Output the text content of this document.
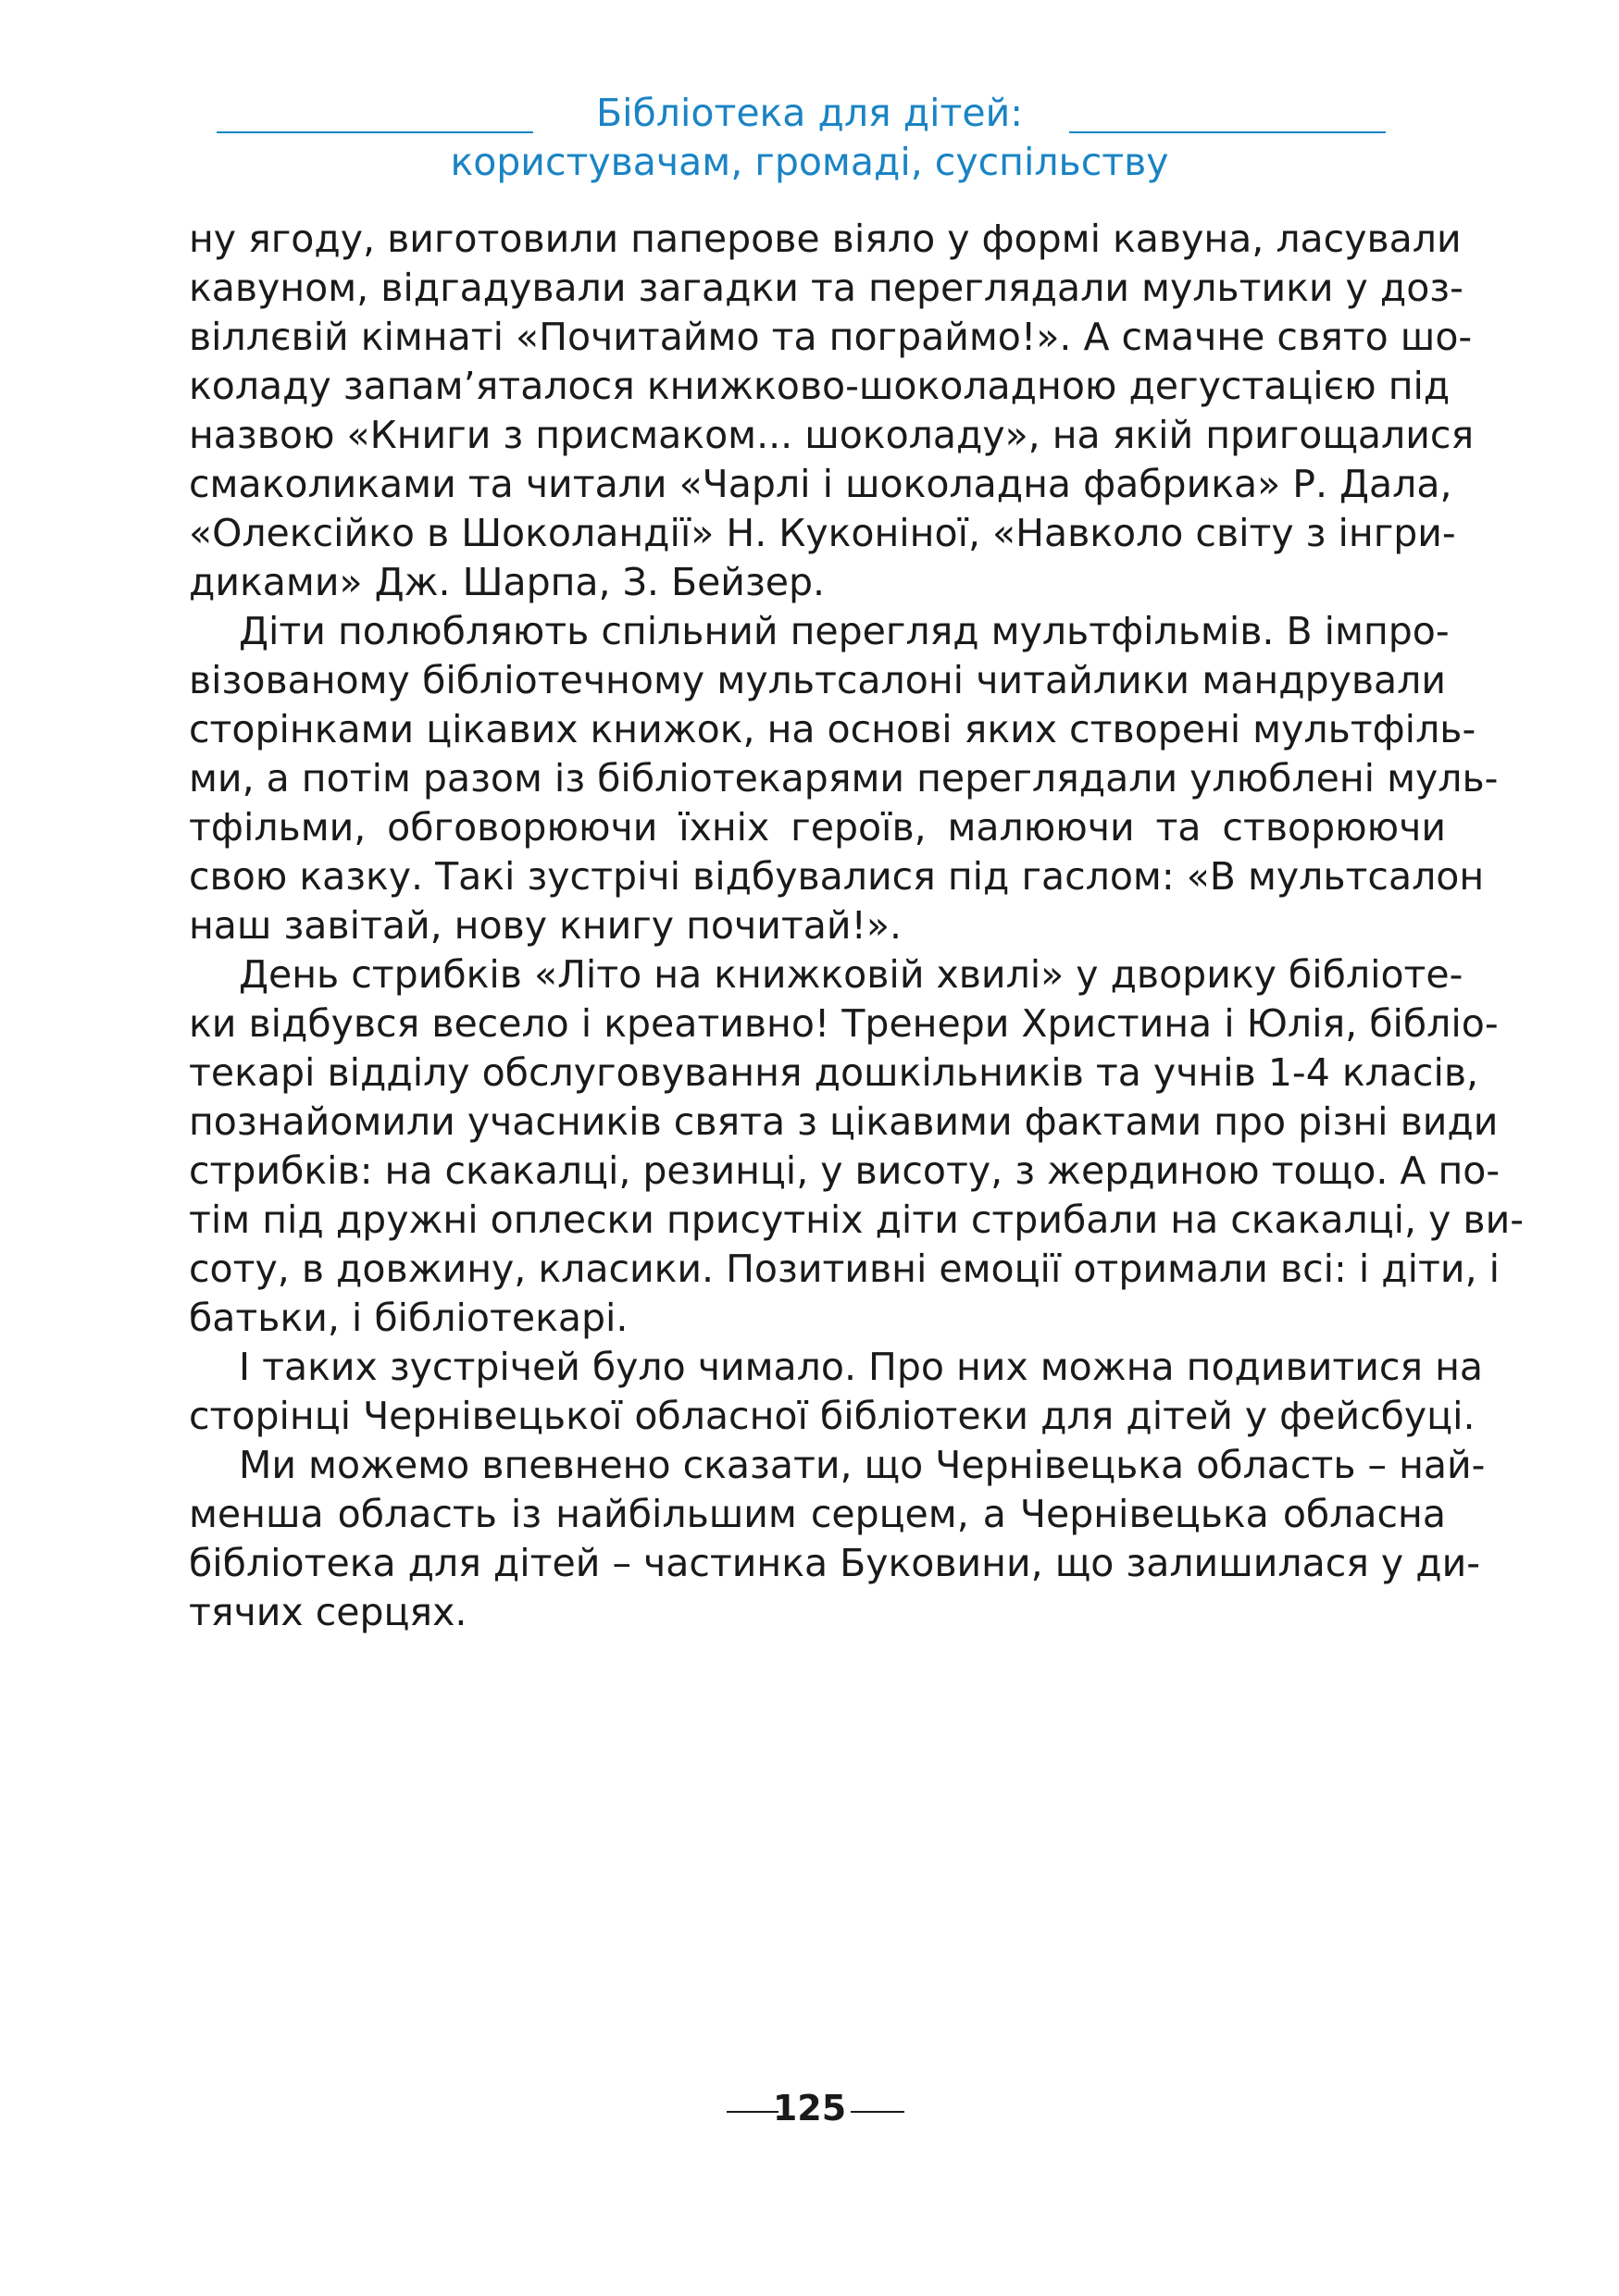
Бібліотека для дітей:
користувачам, громаді, суспільству
ну ягоду, виготовили паперове віяло у формі кавуна, ласували
кавуном, відгадували загадки та переглядали мультики у доз-
віллєвій кімнаті «Почитаймо та пограймо!». А смачне свято шо-
коладу запам’яталося книжково-шоколадною дегустацією під
назвою «Книги з присмаком... шоколаду», на якій пригощалися
смаколиками та читали «Чарлі і шоколадна фабрика» Р. Дала,
«Олексійко в Шоколандії» Н. Куконіної, «Навколо світу з інгри-
диками» Дж. Шарпа, З. Бейзер.
Діти полюбляють спільний перегляд мультфільмів. В імпро-
візованому бібліотечному мультсалоні читайлики мандрували
сторінками цікавих книжок, на основі яких створені мультфіль-
ми, а потім разом із бібліотекарями переглядали улюблені муль-
тфільми, обговорюючи їхніх героїв, малюючи та створюючи
свою казку. Такі зустрічі відбувалися під гаслом: «В мультсалон
наш завітай, нову книгу почитай!».
День стрибків «Літо на книжковій хвилі» у дворику бібліоте-
ки відбувся весело і креативно! Тренери Христина і Юлія, бібліо-
текарі відділу обслуговування дошкільників та учнів 1-4 класів,
познайомили учасників свята з цікавими фактами про різні види
стрибків: на скакалці, резинці, у висоту, з жердиною тощо. А по-
тім під дружні оплески присутніх діти стрибали на скакалці, у ви-
соту, в довжину, класики. Позитивні емоції отримали всі: і діти, і
батьки, і бібліотекарі.
І таких зустрічей було чимало. Про них можна подивитися на
сторінці Чернівецької обласної бібліотеки для дітей у фейсбуці.
Ми можемо впевнено сказати, що Чернівецька область – най-
менша область із найбільшим серцем, а Чернівецька обласна
бібліотека для дітей – частинка Буковини, що залишилася у ди-
тячих серцях.
125
